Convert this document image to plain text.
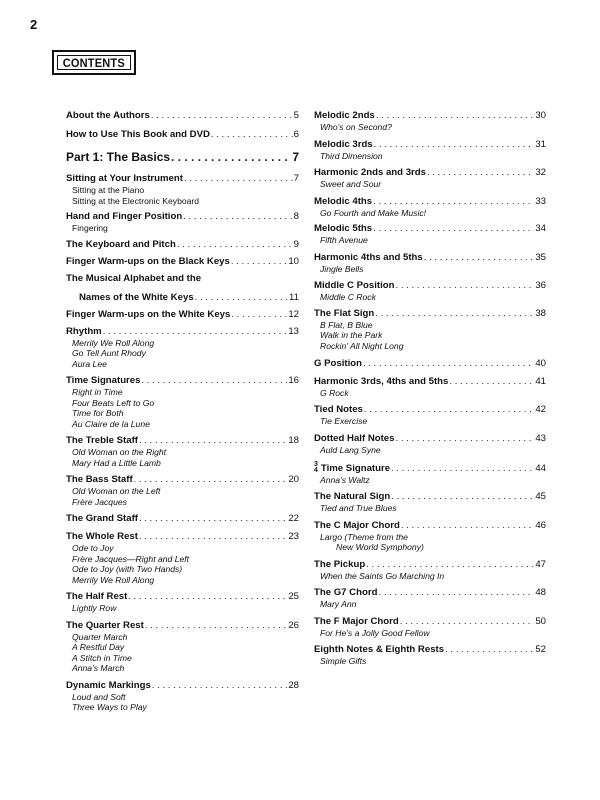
2
CONTENTS
About the Authors . . .	5
How to Use This Book and DVD . . .	6
Part 1: The Basics . . .	7
Sitting at Your Instrument . . .	7
Sitting at the Piano
Sitting at the Electronic Keyboard
Hand and Finger Position . . .	8
Fingering
The Keyboard and Pitch . . .	9
Finger Warm-ups on the Black Keys . . .	10
The Musical Alphabet and the
Names of the White Keys . . .	11
Finger Warm-ups on the White Keys . . .	12
Rhythm . . .	13
Merrily We Roll Along
Go Tell Aunt Rhody
Aura Lee
Time Signatures . . .	16
Right in Time
Four Beats Left to Go
Time for Both
Au Claire de la Lune
The Treble Staff . . .	18
Old Woman on the Right
Mary Had a Little Lamb
The Bass Staff . . .	20
Old Woman on the Left
Frère Jacques
The Grand Staff . . .	22
The Whole Rest . . .	23
Ode to Joy
Frère Jacques—Right and Left
Ode to Joy (with Two Hands)
Merrily We Roll Along
The Half Rest . . .	25
Lightly Row
The Quarter Rest . . .	26
Quarter March
A Restful Day
A Stitch in Time
Anna's March
Dynamic Markings . . .	28
Loud and Soft
Three Ways to Play
Melodic 2nds . . .	30
Who's on Second?
Melodic 3rds . . .	31
Third Dimension
Harmonic 2nds and 3rds . . .	32
Sweet and Sour
Melodic 4ths . . .	33
Go Fourth and Make Music!
Melodic 5ths . . .	34
Fifth Avenue
Harmonic 4ths and 5ths . . .	35
Jingle Bells
Middle C Position . . .	36
Middle C Rock
The Flat Sign . . .	38
B Flat, B Blue
Walk in the Park
Rockin' All Night Long
G Position . . .	40
Harmonic 3rds, 4ths and 5ths . . .	41
G Rock
Tied Notes . . .	42
Tie Exercise
Dotted Half Notes . . .	43
Auld Lang Syne
3
4 Time Signature . . .	44
Anna's Waltz
The Natural Sign . . .	45
Tied and True Blues
The C Major Chord . . .	46
Largo (Theme from the
New World Symphony)
The Pickup . . .	47
When the Saints Go Marching In
The G7 Chord . . .	48
Mary Ann
The F Major Chord . . .	50
For He's a Jolly Good Fellow
Eighth Notes & Eighth Rests . . .	52
Simple Gifts
